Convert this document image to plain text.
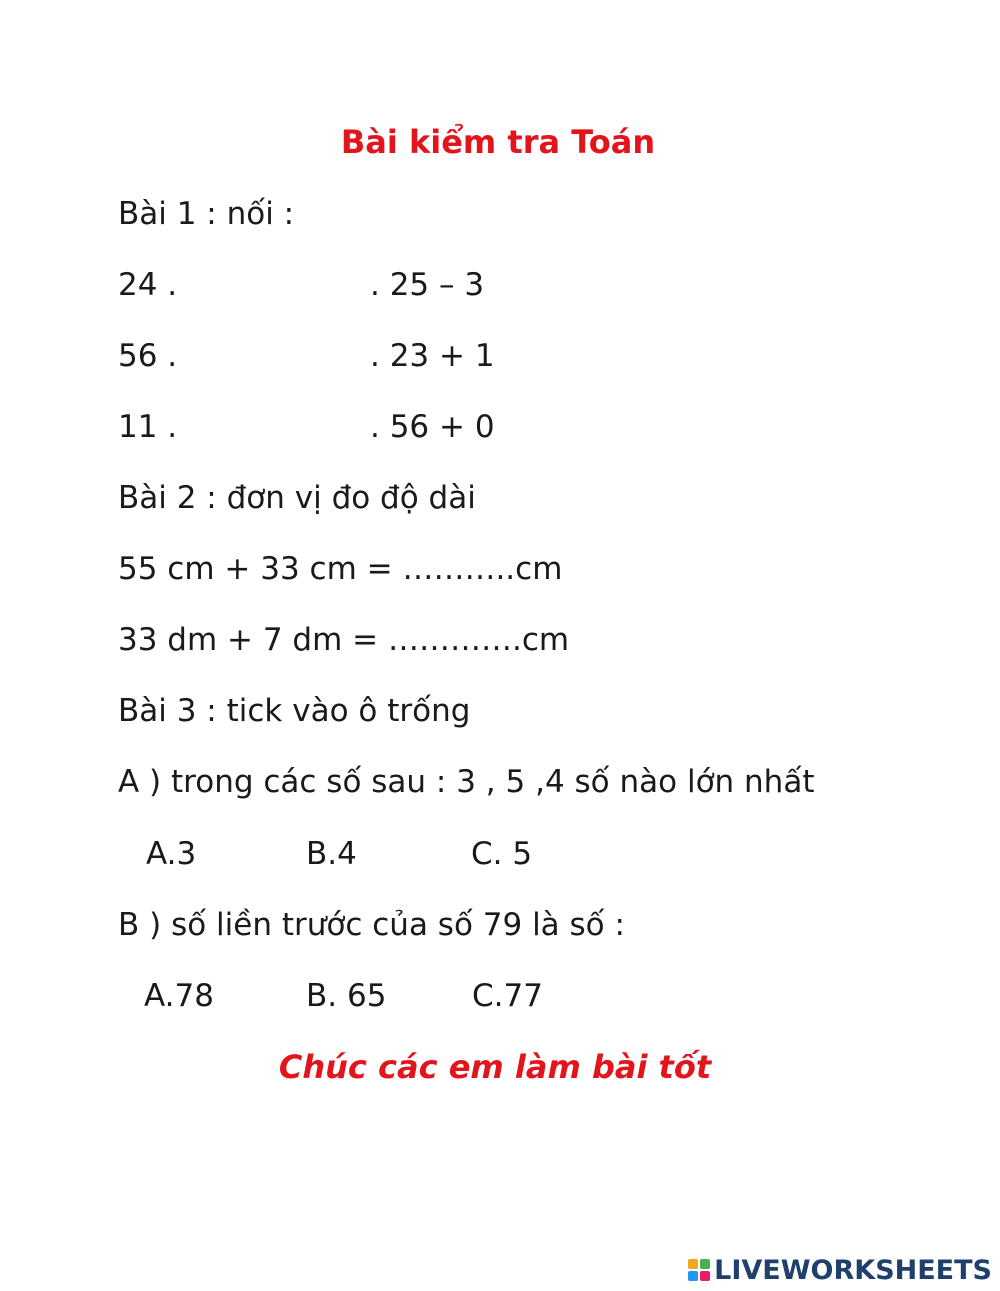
Bài kiểm tra Toán
Bài 1 : nối :
24 .	. 25 – 3
56 .	. 23 + 1
11 .	. 56 + 0
Bài 2 : đơn vị đo độ dài
55 cm + 33 cm = ………..cm
33 dm + 7 dm = ………….cm
Bài 3 : tick vào ô trống
A ) trong các số sau : 3 , 5 ,4 số nào lớn nhất
A.3	B.4	C. 5
B ) số liền trước của số 79 là số :
A.78	B. 65	C.77
Chúc các em làm bài tốt
LIVEWORKSHEETS
